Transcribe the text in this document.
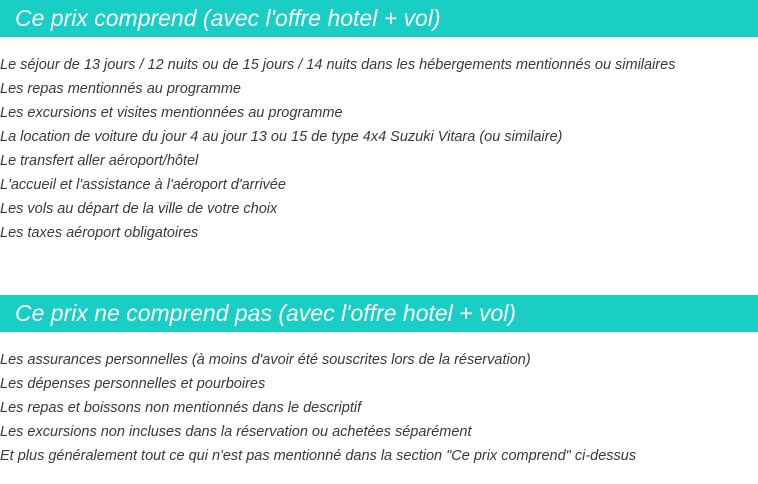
Ce prix comprend (avec l'offre hotel + vol)
Le séjour de 13 jours / 12 nuits ou de 15 jours / 14 nuits dans les hébergements mentionnés ou similaires
Les repas mentionnés au programme
Les excursions et visites mentionnées au programme
La location de voiture du jour 4 au jour 13 ou 15 de type 4x4 Suzuki Vitara (ou similaire)
Le transfert aller aéroport/hôtel
L'accueil et l'assistance à l'aéroport d'arrivée
Les vols au départ de la ville de votre choix
Les taxes aéroport obligatoires
Ce prix ne comprend pas (avec l'offre hotel + vol)
Les assurances personnelles (à moins d'avoir été souscrites lors de la réservation)
Les dépenses personnelles et pourboires
Les repas et boissons non mentionnés dans le descriptif
Les excursions non incluses dans la réservation ou achetées séparément
Et plus généralement tout ce qui n'est pas mentionné dans la section "Ce prix comprend" ci-dessus
